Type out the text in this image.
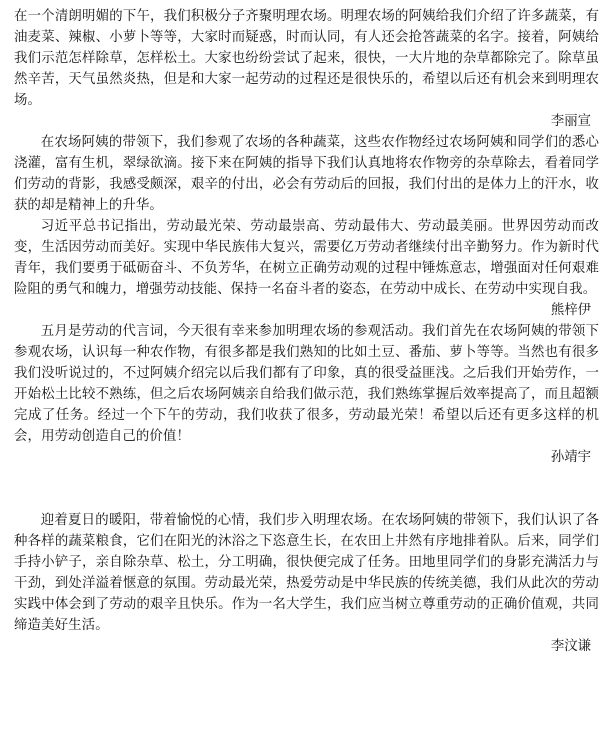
在一个清朗明媚的下午，我们积极分子齐聚明理农场。明理农场的阿姨给我们介绍了许多蔬菜，有油麦菜、辣椒、小萝卜等等，大家时而疑惑，时而认同，有人还会抢答蔬菜的名字。接着，阿姨给我们示范怎样除草，怎样松土。大家也纷纷尝试了起来，很快，一大片地的杂草都除完了。除草虽然辛苦，天气虽然炎热，但是和大家一起劳动的过程还是很快乐的，希望以后还有机会来到明理农场。

李丽宣

在农场阿姨的带领下，我们参观了农场的各种蔬菜，这些农作物经过农场阿姨和同学们的悉心浇灌，富有生机，翠绿欲滴。接下来在阿姨的指导下我们认真地将农作物旁的杂草除去，看着同学们劳动的背影，我感受颇深，艰辛的付出，必会有劳动后的回报，我们付出的是体力上的汗水，收获的却是精神上的升华。

习近平总书记指出，劳动最光荣、劳动最崇高、劳动最伟大、劳动最美丽。世界因劳动而改变，生活因劳动而美好。实现中华民族伟大复兴，需要亿万劳动者继续付出辛勤努力。作为新时代青年，我们要勇于砥砺奋斗、不负芳华，在树立正确劳动观的过程中锤炼意志，增强面对任何艰难险阻的勇气和魄力，增强劳动技能、保持一名奋斗者的姿态，在劳动中成长、在劳动中实现自我。

熊梓伊

五月是劳动的代言词，今天很有幸来参加明理农场的参观活动。我们首先在农场阿姨的带领下参观农场，认识每一种农作物，有很多都是我们熟知的比如土豆、番茄、萝卜等等。当然也有很多我们没听说过的，不过阿姨介绍完以后我们都有了印象，真的很受益匪浅。之后我们开始劳作，一开始松土比较不熟练，但之后农场阿姨亲自给我们做示范，我们熟练掌握后效率提高了，而且超额完成了任务。经过一个下午的劳动，我们收获了很多，劳动最光荣！希望以后还有更多这样的机会，用劳动创造自己的价值！

孙靖宇

迎着夏日的暖阳，带着愉悦的心情，我们步入明理农场。在农场阿姨的带领下，我们认识了各种各样的蔬菜粮食，它们在阳光的沐浴之下恣意生长，在农田上井然有序地排着队。后来，同学们手持小铲子，亲自除杂草、松土，分工明确，很快便完成了任务。田地里同学们的身影充满活力与干劲，到处洋溢着惬意的氛围。劳动最光荣，热爱劳动是中华民族的传统美德，我们从此次的劳动实践中体会到了劳动的艰辛且快乐。作为一名大学生，我们应当树立尊重劳动的正确价值观，共同缔造美好生活。

李汶谦
